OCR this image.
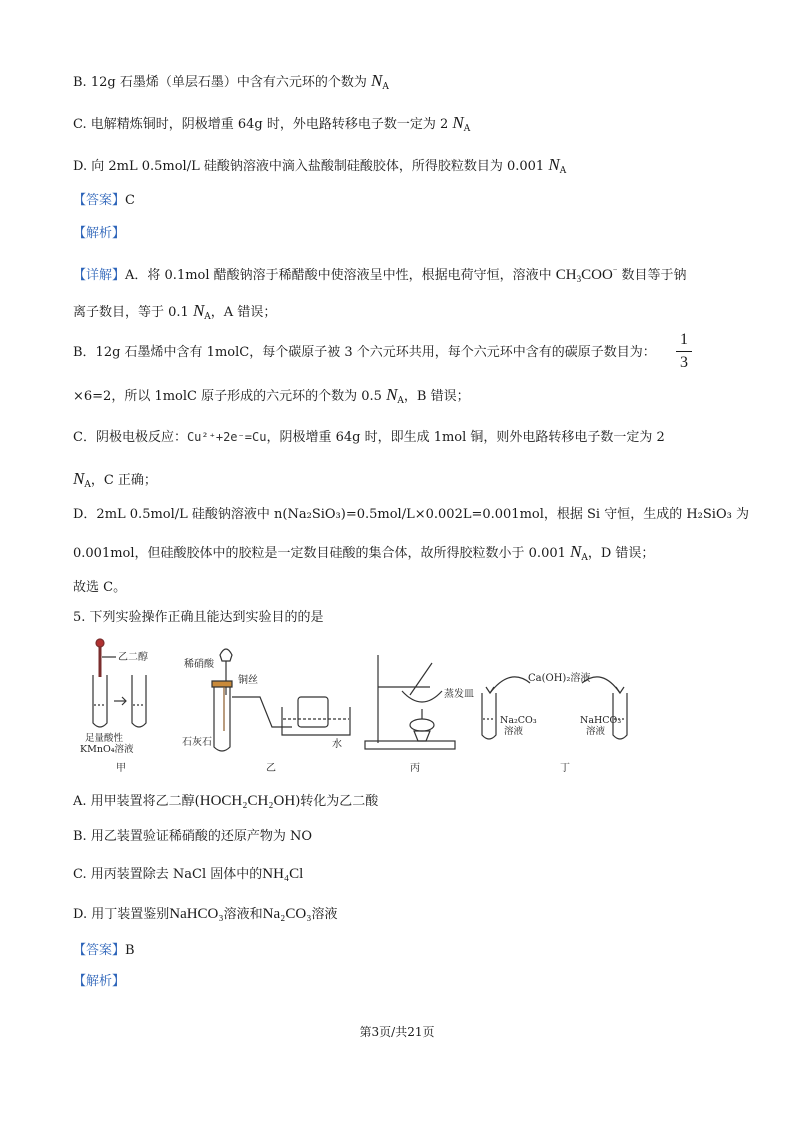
B. 12g 石墨烯（单层石墨）中含有六元环的个数为 $N_A$
C. 电解精炼铜时，阴极增重 64g 时，外电路转移电子数一定为 2 $N_A$
D. 向 2mL 0.5mol/L 硅酸钠溶液中滴入盐酸制硅酸胶体，所得胶粒数目为 0.001 $N_A$
【答案】C
【解析】
【详解】A．将 0.1mol 醋酸钠溶于稀醋酸中使溶液呈中性，根据电荷守恒，溶液中 $CH_3COO^-$ 数目等于钠
离子数目，等于 0.1 $N_A$，A 错误；
B．12g 石墨烯中含有 1molC，每个碳原子被 3 个六元环共用，每个六元环中含有的碳原子数目为：
1
3
×6=2，所以 1molC 原子形成的六元环的个数为 0.5 $N_A$，B 错误；
C．阴极电极反应：Cu²⁺+2e⁻=Cu，阴极增重 64g 时，即生成 1mol 铜，则外电路转移电子数一定为 2
$N_A$，C 正确；
D．2mL 0.5mol/L 硅酸钠溶液中 n(Na₂SiO₃)=0.5mol/L×0.002L=0.001mol，根据 Si 守恒，生成的 H₂SiO₃ 为
0.001mol，但硅酸胶体中的胶粒是一定数目硅酸的集合体，故所得胶粒数小于 0.001 $N_A$，D 错误；
故选 C。
5. 下列实验操作正确且能达到实验目的的是
乙二醇
足量酸性
KMnO₄溶液
甲
稀硝酸
铜丝
石灰石	水
乙
蒸发皿
丙
Ca(OH)₂溶液
Na₂CO₃
溶液
NaHCO₃
溶液
丁
A. 用甲装置将乙二醇(HOCH₂CH₂OH)转化为乙二酸
B. 用乙装置验证稀硝酸的还原产物为 NO
C. 用丙装置除去 NaCl 固体中的NH₄Cl
D. 用丁装置鉴别NaHCO₃溶液和Na₂CO₃溶液
【答案】B
【解析】
第3页/共21页
